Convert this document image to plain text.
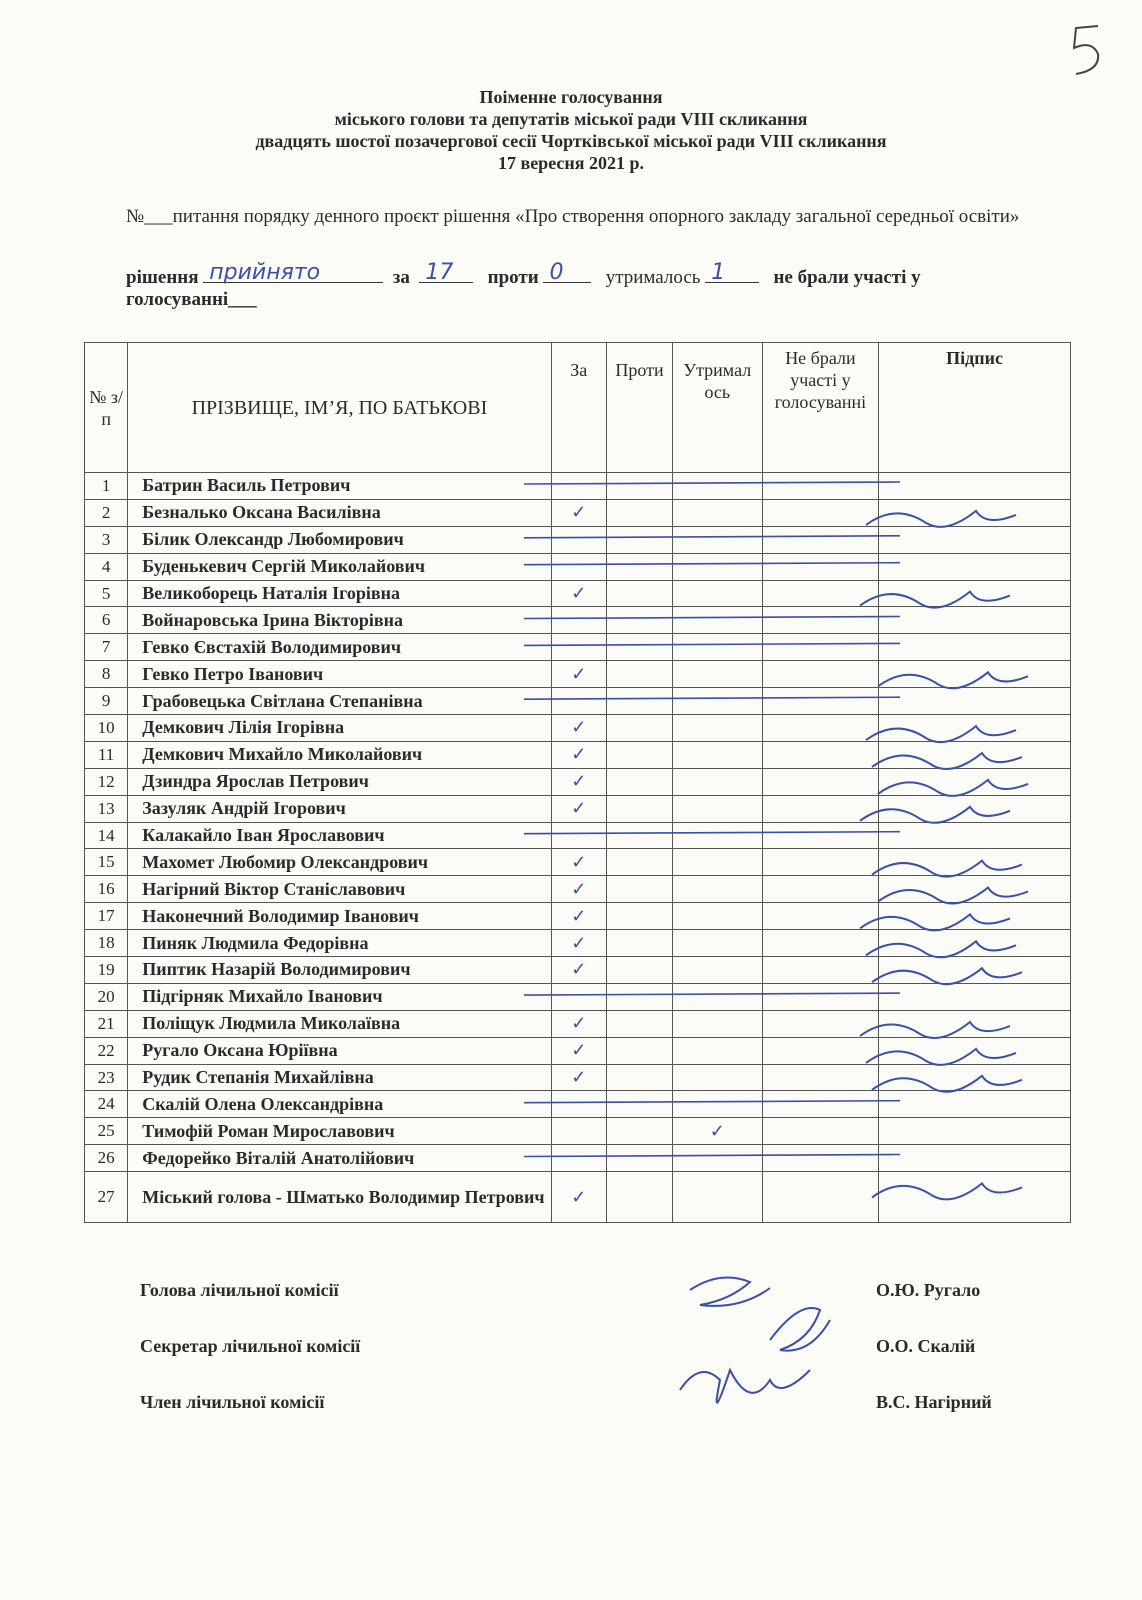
Поіменне голосування
міського голови та депутатів міської ради VIII скликання
двадцять шостої позачергової сесії Чортківської міської ради VIII скликання
17 вересня 2021 р.
№___питання порядку денного проєкт рішення «Про створення опорного закладу загальної середньої освіти»
рішення прийнято	за 17 проти 0 утрималось 1	не брали участі у голосуванні___
№ з/п	ПРІЗВИЩЕ, ІМ’Я, ПО БАТЬКОВІ	За	Проти	Утрималось	Не брали участі у голосуванні	Підпис
1	Батрин Василь Петрович					
2	Безналько Оксана Василівна	✓				
3	Білик Олександр Любомирович					
4	Буденькевич Сергій Миколайович					
5	Великоборець Наталія Ігорівна	✓				
6	Войнаровська Ірина Вікторівна					
7	Гевко Євстахій Володимирович					
8	Гевко Петро Іванович	✓				
9	Грабовецька Світлана Степанівна					
10	Демкович Лілія Ігорівна	✓				
11	Демкович Михайло Миколайович	✓				
12	Дзиндра Ярослав Петрович	✓				
13	Зазуляк Андрій Ігорович	✓				
14	Калакайло Іван Ярославович					
15	Махомет Любомир Олександрович	✓				
16	Нагірний Віктор Станіславович	✓				
17	Наконечний Володимир Іванович	✓				
18	Пиняк Людмила Федорівна	✓				
19	Пиптик Назарій Володимирович	✓				
20	Підгірняк Михайло Іванович					
21	Поліщук Людмила Миколаївна	✓				
22	Ругало Оксана Юріївна	✓				
23	Рудик Степанія Михайлівна	✓				
24	Скалій Олена Олександрівна					
25	Тимофій Роман Мирославович			✓		
26	Федорейко Віталій Анатолійович					
27	Міський голова - Шматько Володимир Петрович	✓				
Голова лічильної комісії
Секретар лічильної комісії
Член лічильної комісії
О.Ю. Ругало
О.О. Скалій
В.С. Нагірний
